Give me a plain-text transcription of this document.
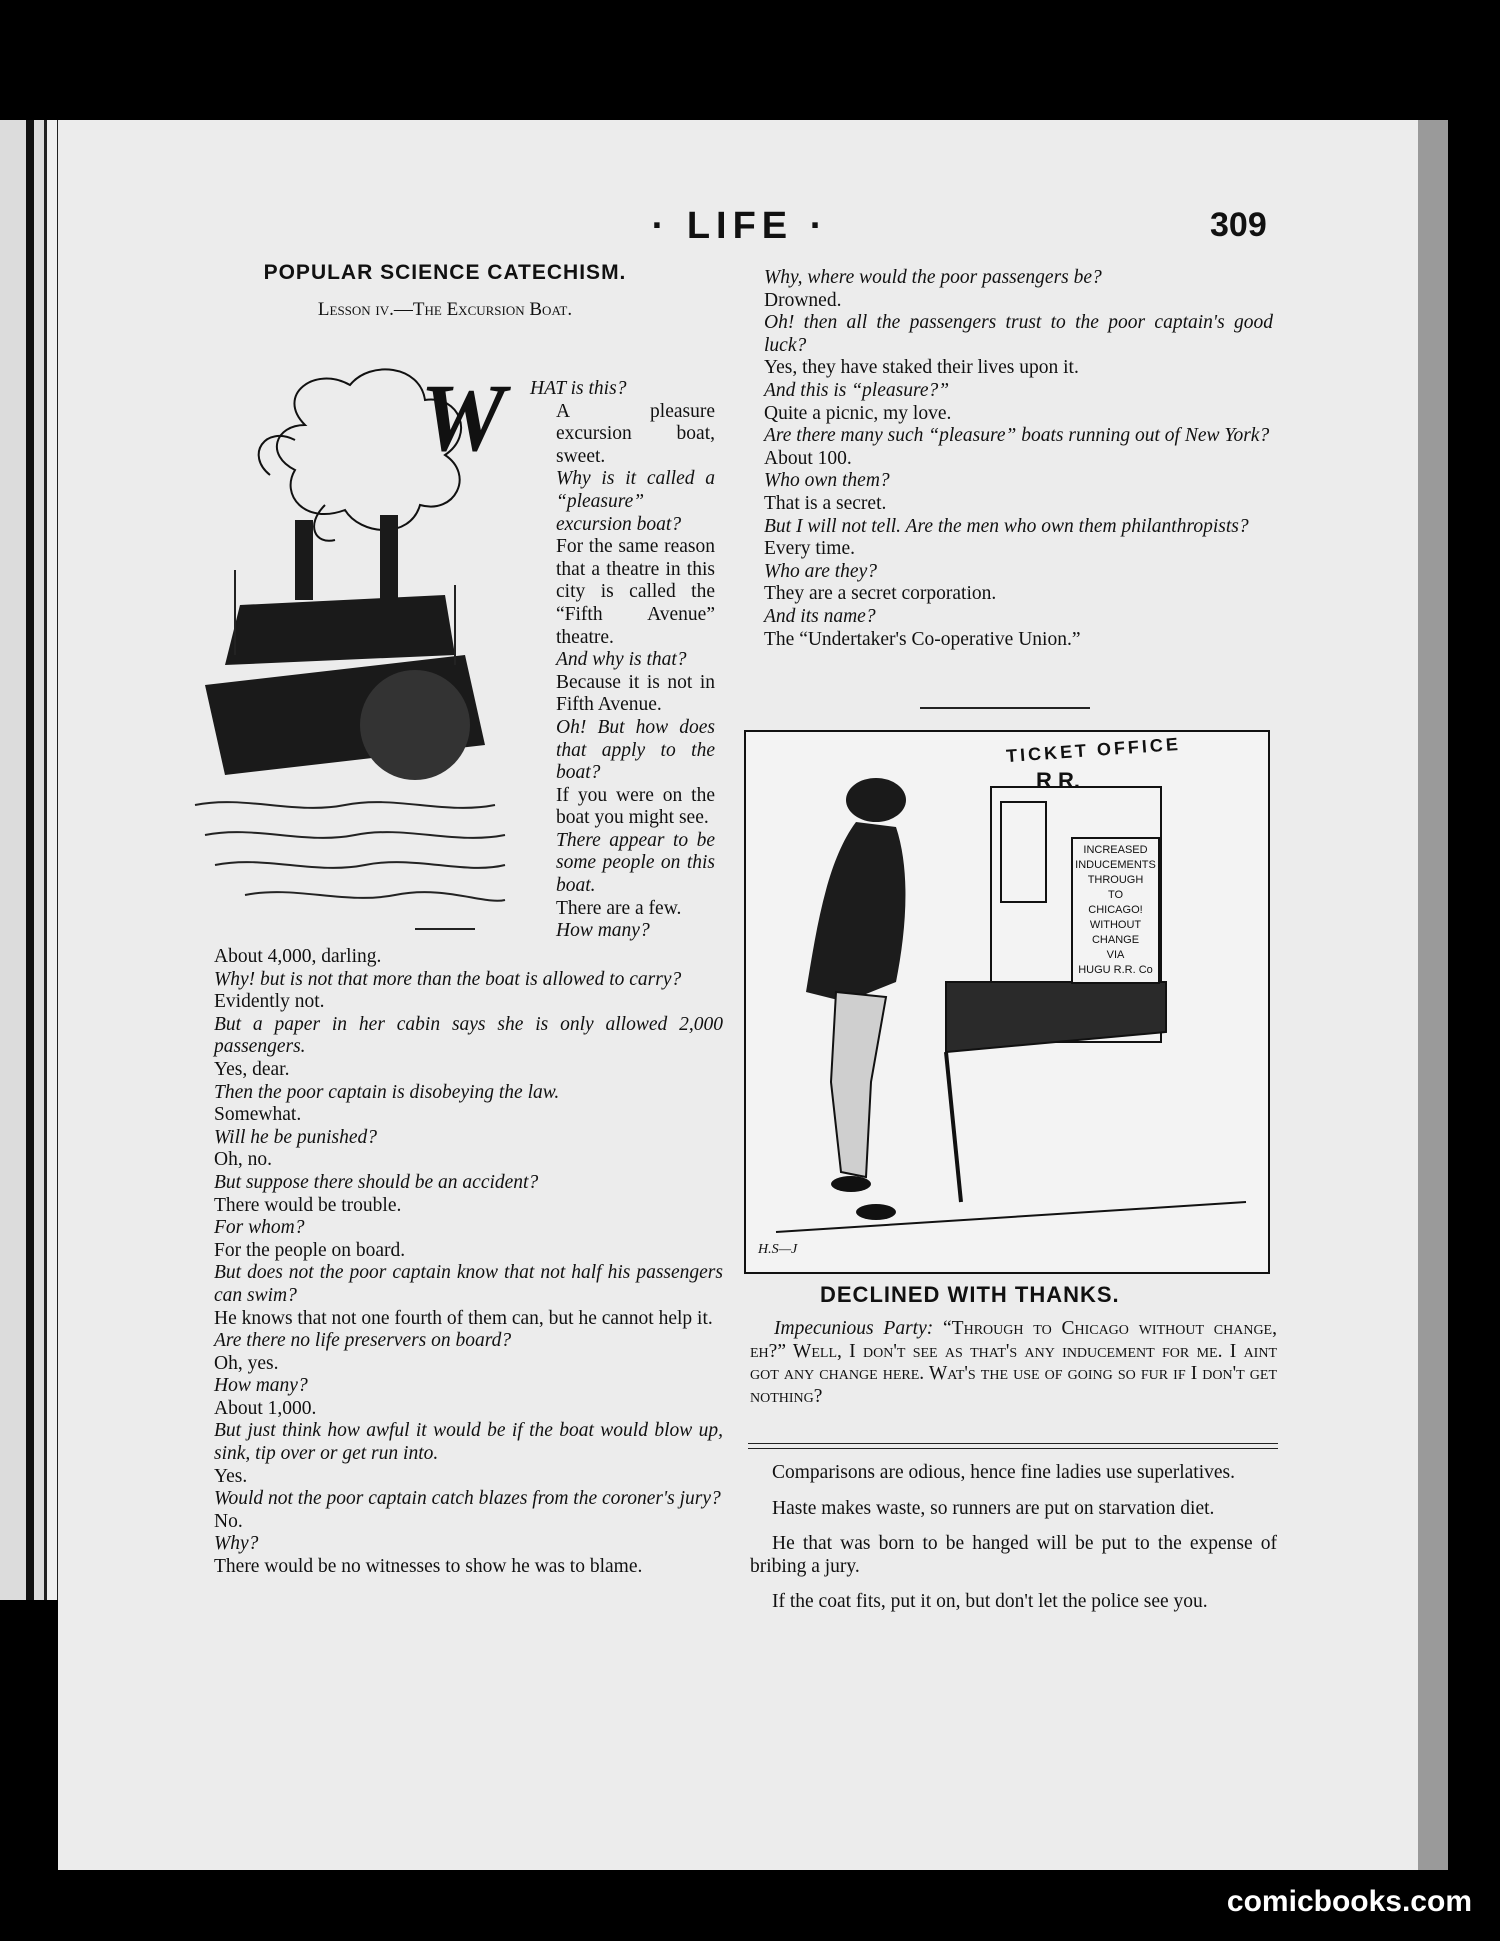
· LIFE ·	309
POPULAR SCIENCE CATECHISM.
Lesson iv.—The Excursion Boat.
W HAT is this?

A pleasure excursion boat, sweet.

Why is it called a “pleasure” excursion boat?

For the same reason that a theatre in this city is called the “Fifth Avenue” theatre.

And why is that?

Because it is not in Fifth Avenue.

Oh! But how does that apply to the boat?

If you were on the boat you might see.

There appear to be some people on this boat.

There are a few.

How many?

About 4,000, darling.

Why! but is not that more than the boat is allowed to carry?

Evidently not.

But a paper in her cabin says she is only allowed 2,000 passengers.

Yes, dear.

Then the poor captain is disobeying the law.

Somewhat.

Will he be punished?

Oh, no.

But suppose there should be an accident?

There would be trouble.

For whom?

For the people on board.

But does not the poor captain know that not half his passengers can swim?

He knows that not one fourth of them can, but he cannot help it.

Are there no life preservers on board?

Oh, yes.

How many?

About 1,000.

But just think how awful it would be if the boat would blow up, sink, tip over or get run into.

Yes.

Would not the poor captain catch blazes from the coroner's jury?

No.

Why?

There would be no witnesses to show he was to blame.

Why, where would the poor passengers be?

Drowned.

Oh! then all the passengers trust to the poor captain's good luck?

Yes, they have staked their lives upon it.

And this is “pleasure?”

Quite a picnic, my love.

Are there many such “pleasure” boats running out of New York?

About 100.

Who own them?

That is a secret.

But I will not tell. Are the men who own them philanthropists?

Every time.

Who are they?

They are a secret corporation.

And its name?

The “Undertaker's Co-operative Union.”

TICKET OFFICE
R R.
INCREASED
INDUCEMENTS
THROUGH
TO
CHICAGO!
WITHOUT
CHANGE
VIA
HUGU R.R. Co
H.S—J
DECLINED WITH THANKS.

Impecunious Party: “Through to Chicago without change, eh?” Well, I don't see as that's any inducement for me. I aint got any change here. Wat's the use of going so fur if I don't get nothing?

Comparisons are odious, hence fine ladies use superlatives.

Haste makes waste, so runners are put on starvation diet.

He that was born to be hanged will be put to the expense of bribing a jury.

If the coat fits, put it on, but don't let the police see you.

comicbooks.com
